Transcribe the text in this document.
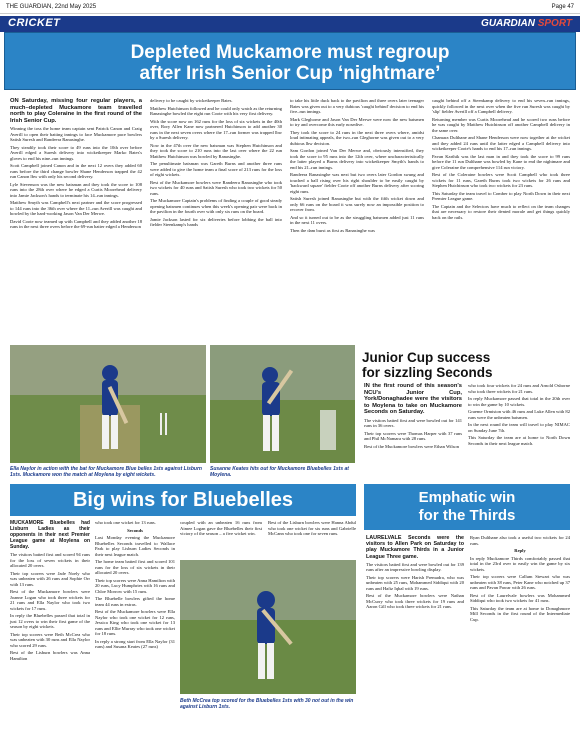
THE GUARDIAN, 22nd May 2025	Page 47
CRICKET	GUARDIAN SPORT
Depleted Muckamore must regroup
after Irish Senior Cup ‘nightmare’

ON Saturday, missing four regular players, a much–depleted Muckamore team travelled north to play Coleraine in the first round of the Irish Senior Cup.

Winning the toss the home team captain sent Patrick Canon and Craig Averill to open their batting innings to face Muckamore pace bowlers Satish Suresh and Randeera Ranasinghe.

They steadily took their score to 49 runs into the 10th over before Averill edged a Suresh delivery into wicketkeeper Marko Bates's gloves to end his nine–run innings.

Scott Campbell joined Canon and in the next 12 overs they added 60 runs before the third change bowler Shane Henderson trapped the 42 run Canon lbw with only his second delivery.

Lyle Stevenson was the new batsman and they took the score to 108 runs into the 28th over where he edged a Curtis Moorehead delivery into Jamie Jackson's hands to terminate his 14–run innings.

Matthew Smyth was Campbell's next partner and the score progressed to 144 runs into the 36th over where the 11–run Averill was caught and bowled by the hard-working Jason Van Der Merwe.

David Coote now teamed up with Campbell and they added another 18 runs in the next three overs before the 69-run batter edged a Henderson

delivery to be caught by wicketkeeper Bates.

Matthew Hutchinson followed and he could only watch as the returning Ranasinghe bowled the eight run Coote with his very first delivery.

With the score now on 162 runs for the loss of six wickets in the 40th over, Rory Allen Kane now partnered Hutchinson to add another 30 runs in the next seven overs where the 17–run former was trapped lbw by a Suresh delivery.

Now in the 47th over the new batsman was Stephen Hutchinson and they took the score to 210 runs into the last over where the 22 run Matthew Hutchinson was bowled by Ranasinghe.

The penultimate batsman was Gareth Burns and another three runs were added to give the home team a final score of 213 runs for the loss of eight wickets.

Best of the Muckamore bowlers were Randeera Ranasinghe who took two wickets for 40 runs and Satish Suresh who took two wickets for 50 runs.

The Muckamore Captain's problems of finding a couple of good steady opening batsmen continues when this week's opening pair were back in the pavilion in the fourth over with only six runs on the board.

Jamie Jackson lasted for six deliveries before lobbing the ball into fielder Steenkamp's hands

to take his little duck back to the pavilion and three overs later teenager Bates was given out to a very dubious 'caught behind' decision to end his five–run innings.

Mark Gleghorne and Jason Van Der Merwe were now the new batsmen to try and overcome this early nosedive.

They took the score to 24 runs in the next three overs where, amidst loud intimating appeals, the two–run Gleghorne was given out to a very dubious lbw decision.

Sam Gordon joined Van Der Merwe and, obviously intensified, they took the score to 95 runs into the 12th over, where uncharacteristically the latter played a Burns delivery into wicketkeeper Smyth's hands to end his 21–run innings.

Randeera Ranasinghe was next but two overs later Gordon swung and touched a ball rising over his right shoulder to be easily caught by 'backward square' fielder Coote off another Burns delivery after scoring eight runs.

Satish Suresh joined Ranasinghe but with the fifth wicket down and only 66 runs on the board it was surely now an impossible position to recover from.

And so it turned out to be as the struggling batsmen added just 11 runs in the next 11 overs.

Then the dam burst as first as Ranasinghe was

caught behind off a Steenkamp delivery to end his seven–run innings, quickly followed in the next over when the five run Suresh was caught by 'slip' fielder Averill off a Campbell delivery.

Returning member was Curtis Moorehead and he scored two runs before he was caught by Matthew Hutchinson off another Campbell delivery in the same over.

Chamara Dulthane and Shane Henderson were now together at the wicket and they added 24 runs until the latter edged a Campbell delivery into wicketkeeper Coote's hands to end his 17–run innings.

Pavan Karthik was the last man in and they took the score to 99 runs before the 11 run Dulthane was bowled by Kane to end the nightmare and give Coleraine the comprehensive 114 run victory.

Best of the Coleraine bowlers were Scott Campbell who took three wickets for 11 runs, Gareth Burns took two wickets for 26 runs and Stephen Hutchinson who took two wickets for 23 runs.

This Saturday the team travel to Comber to play North Down in their next Premier League game.

The Captain and the Selectors have much to reflect on the team changes that are necessary to restore their dented morale and get things quickly back on the rails.

Ella Naylor in action with the bat for Muckamore Blue belles 1sts against Lisburn 1sts. Muckamore won the match at Moylena by eight wickets.
Susanne Keates hits out for Muckamore Bluebelles 1sts at Moylena.
Junior Cup success
for sizzling Seconds

IN the first round of this season's NCU's Junior Cup, York/Donaghadee were the visitors to Moylena to take on Muckamore Seconds on Saturday.

The visitors batted first and were bowled out for 141 runs in 36 overs.

Their top scorers were Thomas Harper with 37 runs and Phil McNamara with 28 runs.

Best of the Muckamore bowlers were Ethan Wilson

who took four wickets for 24 runs and Arnold Osborne who took three wickets for 21 runs.

In reply Muckamore passed that total in the 20th over to win the game by 10 wickets.

Graeme Ormiston with 46 runs and Luke Allen with 82 runs were the unbeaten batsmen.

In the next round the team will travel to play NIMAC on Sunday June 7th.

This Saturday the team are at home to North Down Seconds in their next league match.

Big wins for Bluebelles

MUCKAMORE Bluebelles had Lisburn Ladies as their opponents in their next Premier League game at Moylena on Sunday.

The visitors batted first and scored 94 runs for the loss of seven wickets in their allocated 20 overs.

Their top scorers were Jade Noely who was unbeaten with 26 runs and Sophie Orr with 13 runs.

Best of the Muckamore bowlers were Joanne Logan who took three wickets for 21 runs and Ella Naylor who took two wickets for 17 runs.

In reply the Bluebelles passed that total in just 12 overs to win their first game of the season by eight wickets.

Their top scorers were Beth McCrea who was unbeaten with 30 runs and Ella Naylor who scored 29 runs.

Best of the Lisburn bowlers was Anna Hamilton

who took one wicket for 13 runs.

Seconds

Last Monday evening the Muckamore Bluebelles Seconds travelled to Wallace Park to play Lisburn Ladies Seconds in their next league match.

The home team batted first and scored 101 runs for the loss of six wickets in their allocated 20 overs.

Their top scorers were Anna Hamilton with 20 runs, Lucy Humphries with 16 runs and Chloe Morrow with 15 runs.

The Bluebelle bowlers gifted the home team 44 runs in extras.

Best of the Muckamore bowlers were Ella Naylor who took one wicket for 12 runs, Jessica King who took one wicket for 13 runs and Ellie Murray who took one wicket for 18 runs.

In reply a strong start from Ella Naylor (31 runs) and Susana Keates (27 runs)

coupled with an unbeaten 16 runs from Aimee Logan gave the Bluebelles their first victory of the season – a five wicket win.

Best of the Lisburn bowlers were Hanna Abdul who took one wicket for six runs and Gabrielle McCann who took one for seven runs.

Beth McCrea top scored for the Bluebelles 1sts with 30 not out in the win against Lisburn 1sts.
Emphatic win
for the Thirds

LAURELVALE Seconds were the visitors to Allen Park on Saturday to play Muckamore Thirds in a Junior League Three game.

The visitors batted first and were bowled out for 139 runs after an impressive bowling display.

Their top scorers were Harish Premadra, who was unbeaten with 25 runs, Mohammed Siddiqui with 20 runs and Hafiz Iqbal with 19 runs.

Best of the Muckamore bowlers were Nathan McCurry who took three wickets for 19 runs and Aaron Gill who took three wickets for 21 runs.

Ryan Dulthane also took a useful two wickets for 24 runs.

Reply

In reply Muckamore Thirds comfortably passed that total in the 23rd over to easily win the game by six wickets.

Their top scorers were Callum Stewart who was unbeaten with 38 runs, Peter Kane who notched up 37 runs and Pavan Pawar with 26 runs.

Best of the Laurelvale bowlers was Mohammed Siddiqui who took two wickets for 41 runs.

This Saturday the team are at home to Donaghmore Mill Seconds in the first round of the Intermediate Cup.
